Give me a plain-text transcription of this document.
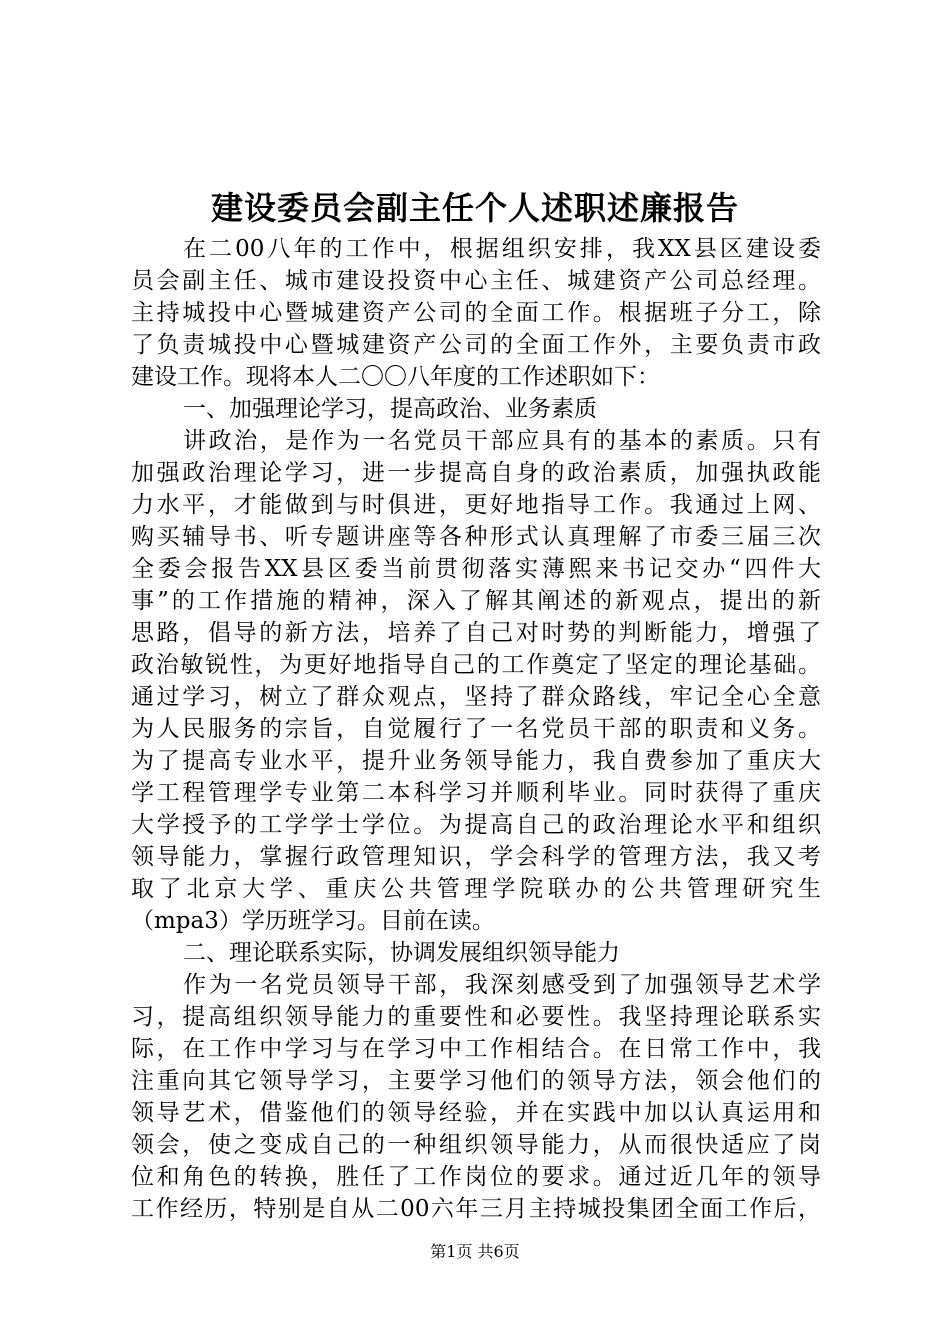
建设委员会副主任个人述职述廉报告
在二00八年的工作中，根据组织安排，我XX县区建设委
员会副主任、城市建设投资中心主任、城建资产公司总经理。
主持城投中心暨城建资产公司的全面工作。根据班子分工，除
了负责城投中心暨城建资产公司的全面工作外，主要负责市政
建设工作。现将本人二〇〇八年度的工作述职如下：
一、加强理论学习，提高政治、业务素质
讲政治，是作为一名党员干部应具有的基本的素质。只有
加强政治理论学习，进一步提高自身的政治素质，加强执政能
力水平，才能做到与时俱进，更好地指导工作。我通过上网、
购买辅导书、听专题讲座等各种形式认真理解了市委三届三次
全委会报告XX县区委当前贯彻落实薄熙来书记交办“四件大
事”的工作措施的精神，深入了解其阐述的新观点，提出的新
思路，倡导的新方法，培养了自己对时势的判断能力，增强了
政治敏锐性，为更好地指导自己的工作奠定了坚定的理论基础。
通过学习，树立了群众观点，坚持了群众路线，牢记全心全意
为人民服务的宗旨，自觉履行了一名党员干部的职责和义务。
为了提高专业水平，提升业务领导能力，我自费参加了重庆大
学工程管理学专业第二本科学习并顺利毕业。同时获得了重庆
大学授予的工学学士学位。为提高自己的政治理论水平和组织
领导能力，掌握行政管理知识，学会科学的管理方法，我又考
取了北京大学、重庆公共管理学院联办的公共管理研究生
（mpa3）学历班学习。目前在读。
二、理论联系实际，协调发展组织领导能力
作为一名党员领导干部，我深刻感受到了加强领导艺术学
习，提高组织领导能力的重要性和必要性。我坚持理论联系实
际，在工作中学习与在学习中工作相结合。在日常工作中，我
注重向其它领导学习，主要学习他们的领导方法，领会他们的
领导艺术，借鉴他们的领导经验，并在实践中加以认真运用和
领会，使之变成自己的一种组织领导能力，从而很快适应了岗
位和角色的转换，胜任了工作岗位的要求。通过近几年的领导
工作经历，特别是自从二00六年三月主持城投集团全面工作后，
第1页 共6页
